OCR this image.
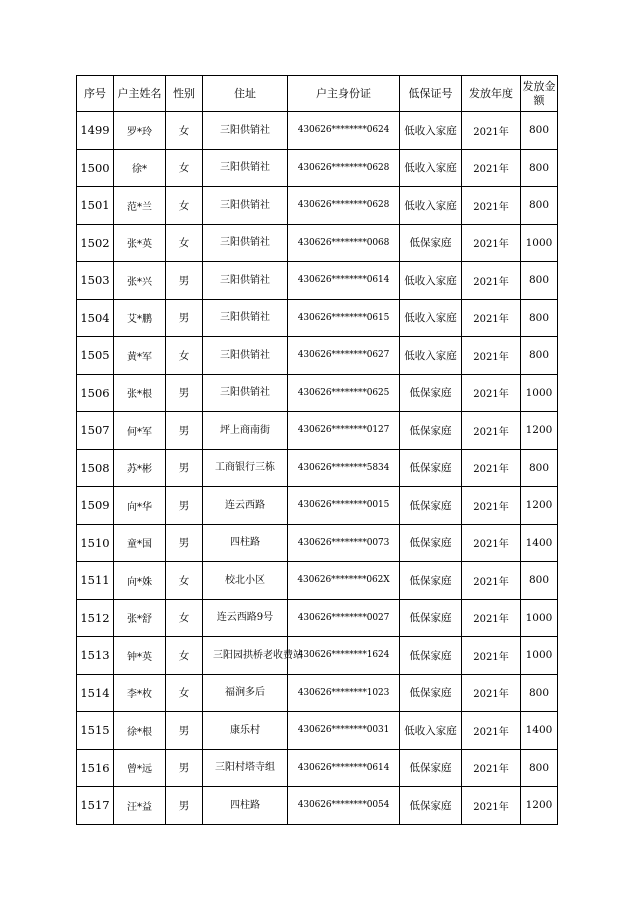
序号	户主姓名	性别	住址	户主身份证	低保证号	发放年度	发放金额
1499	罗*玲	女	三阳供销社	430626********0624	低收入家庭	2021年	800
1500	徐*	女	三阳供销社	430626********0628	低收入家庭	2021年	800
1501	范*兰	女	三阳供销社	430626********0628	低收入家庭	2021年	800
1502	张*英	女	三阳供销社	430626********0068	低保家庭	2021年	1000
1503	张*兴	男	三阳供销社	430626********0614	低收入家庭	2021年	800
1504	艾*鹏	男	三阳供销社	430626********0615	低收入家庭	2021年	800
1505	黄*军	女	三阳供销社	430626********0627	低收入家庭	2021年	800
1506	张*根	男	三阳供销社	430626********0625	低保家庭	2021年	1000
1507	何*军	男	坪上商南街	430626********0127	低保家庭	2021年	1200
1508	苏*彬	男	工商银行三栋	430626********5834	低保家庭	2021年	800
1509	向*华	男	连云西路	430626********0015	低保家庭	2021年	1200
1510	童*国	男	四柱路	430626********0073	低保家庭	2021年	1400
1511	向*姝	女	校北小区	430626********062X	低保家庭	2021年	800
1512	张*舒	女	连云西路9号	430626********0027	低保家庭	2021年	1000
1513	钟*英	女	三阳园拱桥老收费站	430626********1624	低保家庭	2021年	1000
1514	李*枚	女	福涧多后	430626********1023	低保家庭	2021年	800
1515	徐*根	男	康乐村	430626********0031	低收入家庭	2021年	1400
1516	曾*远	男	三阳村塔寺组	430626********0614	低保家庭	2021年	800
1517	汪*益	男	四柱路	430626********0054	低保家庭	2021年	1200
